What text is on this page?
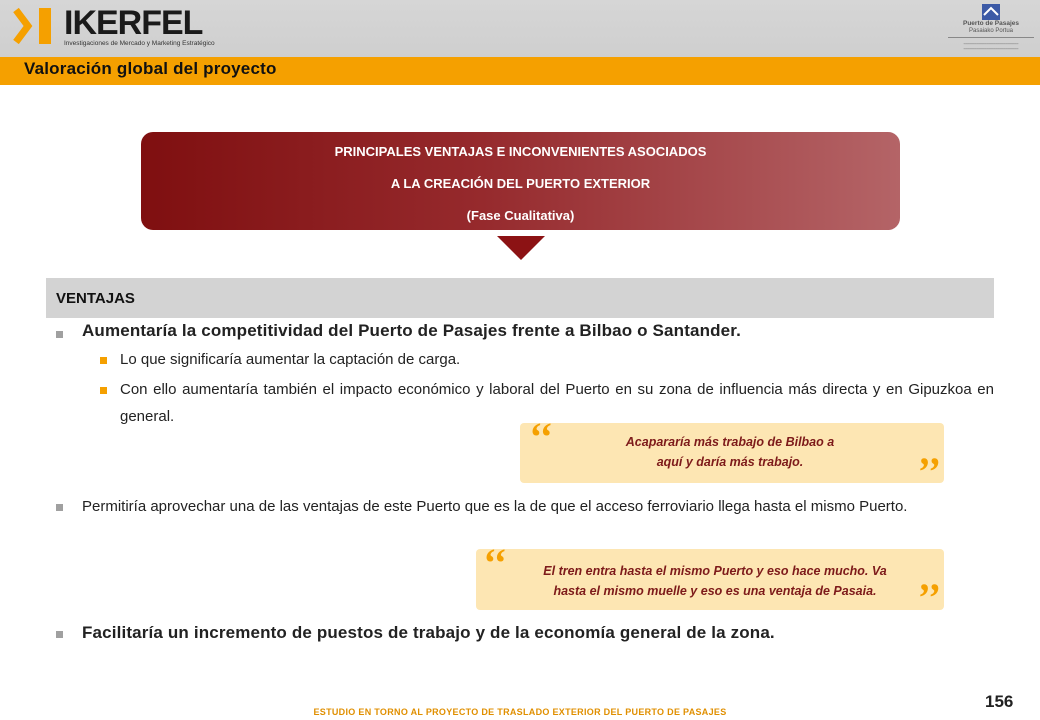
IKERFEL
Investigaciones de Mercado y Marketing Estratégico
Puerto de Pasajes
Pasaiako Portua
━━━━━━━━━━━━━━━━━━━━━━━━━━
━━━━━━━━━━━━━━━━━━━━━━━━━━
Valoración global del proyecto
PRINCIPALES VENTAJAS E INCONVENIENTES ASOCIADOS
A LA CREACIÓN DEL PUERTO EXTERIOR
(Fase Cualitativa)
VENTAJAS
Aumentaría la competitividad del Puerto de Pasajes frente a Bilbao o Santander.
Lo que significaría aumentar la captación de carga.
Con ello aumentaría también el impacto económico y laboral del Puerto en su zona de influencia más directa y en Gipuzkoa en general.	‘‘	Acapararía más trabajo de Bilbao a
aquí y daría más trabajo.	’’
Permitiría aprovechar una de las ventajas de este Puerto que es la de que el acceso ferroviario llega hasta el mismo Puerto.
‘‘	El tren entra hasta el mismo Puerto y eso hace mucho. Va
hasta el mismo muelle y eso es una ventaja de Pasaia. ’’
Facilitaría un incremento de puestos de trabajo y de la economía general de la zona.
156
ESTUDIO EN TORNO AL PROYECTO DE TRASLADO EXTERIOR DEL PUERTO DE PASAJES
